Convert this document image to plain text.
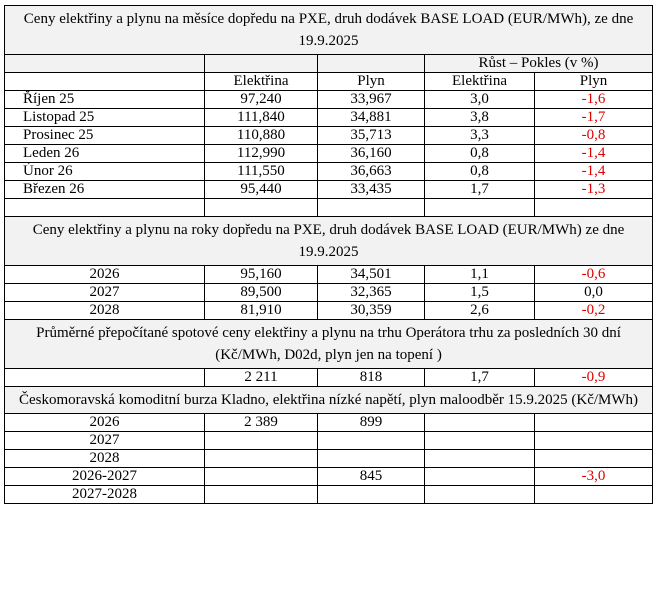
Ceny elektřiny a plynu na měsíce dopředu na PXE, druh dodávek BASE LOAD (EUR/MWh), ze dne 19.9.2025				
			Růst – Pokles (v %)	
	Elektřina	Plyn	Elektřina	Plyn
Říjen 25	97,240	33,967	3,0	-1,6
Listopad 25	111,840	34,881	3,8	-1,7
Prosinec 25	110,880	35,713	3,3	-0,8
Leden 26	112,990	36,160	0,8	-1,4
Únor 26	111,550	36,663	0,8	-1,4
Březen 26	95,440	33,435	1,7	-1,3

Ceny elektřiny a plynu na roky dopředu na PXE, druh dodávek BASE LOAD (EUR/MWh) ze dne 19.9.2025				
2026	95,160	34,501	1,1	-0,6
2027	89,500	32,365	1,5	0,0
2028	81,910	30,359	2,6	-0,2
Průměrné přepočítané spotové ceny elektřiny a plynu na trhu Operátora trhu za posledních 30 dní (Kč/MWh, D02d, plyn jen na topení )				
	2 211	818	1,7	-0,9
Českomoravská komoditní burza Kladno, elektřina nízké napětí, plyn maloodběr 15.9.2025 (Kč/MWh)				
2026	2 389	899		
2027				
2028				
2026-2027		845		-3,0
2027-2028				
